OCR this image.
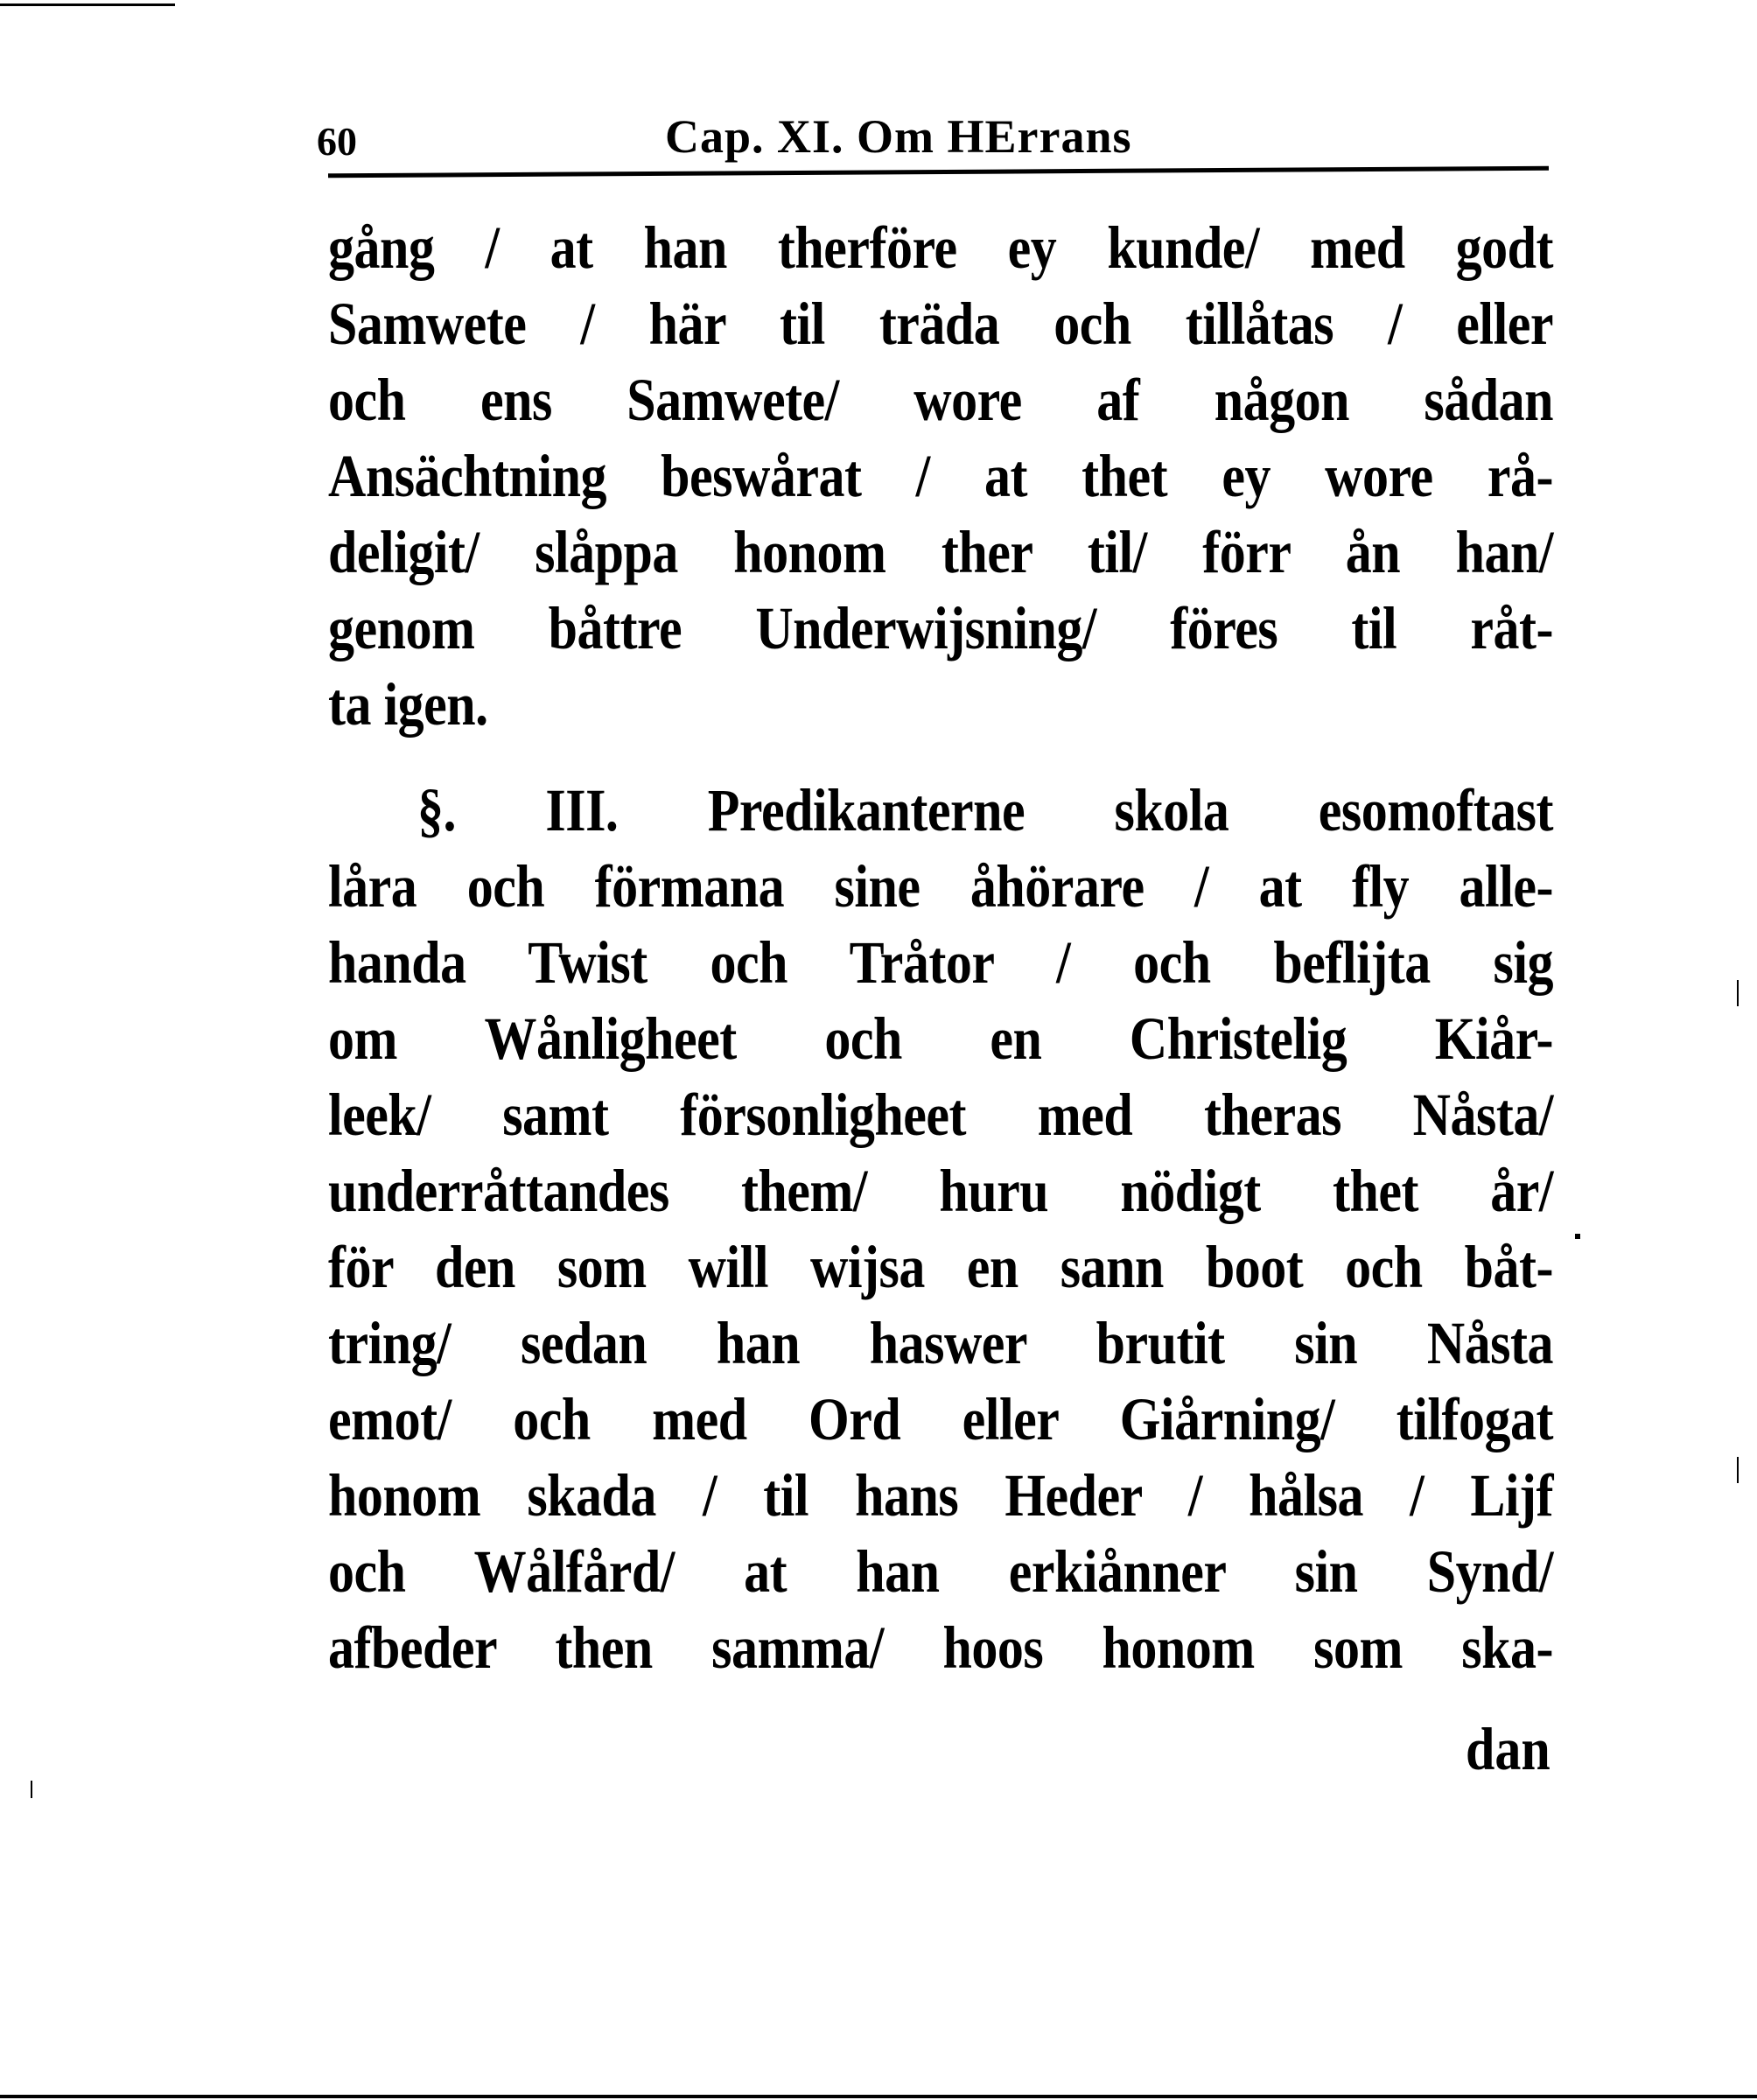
60	Cap. XI. Om HErrans
gång / at han therföre ey kunde/ med godt
Samwete / här til träda och tillåtas / eller
och ens Samwete/ wore af någon sådan
Ansächtning beswårat / at thet ey wore rå-
deligit/ slåppa honom ther til/ förr ån han/
genom båttre Underwijsning/ föres til råt-
ta igen.
§. III. Predikanterne skola esomoftast
låra och förmana sine åhörare / at fly alle-
handa Twist och Tråtor / och beflijta sig
om Wånligheet och en Christelig Kiår-
leek/ samt försonligheet med theras Nåsta/
underråttandes them/ huru nödigt thet år/
för den som will wijsa en sann boot och båt-
tring/ sedan han haswer brutit sin Nåsta
emot/ och med Ord eller Giårning/ tilfogat
honom skada / til hans Heder / hålsa / Lijf
och Wålfård/ at han erkiånner sin Synd/
afbeder then samma/ hoos honom som ska-
dan
